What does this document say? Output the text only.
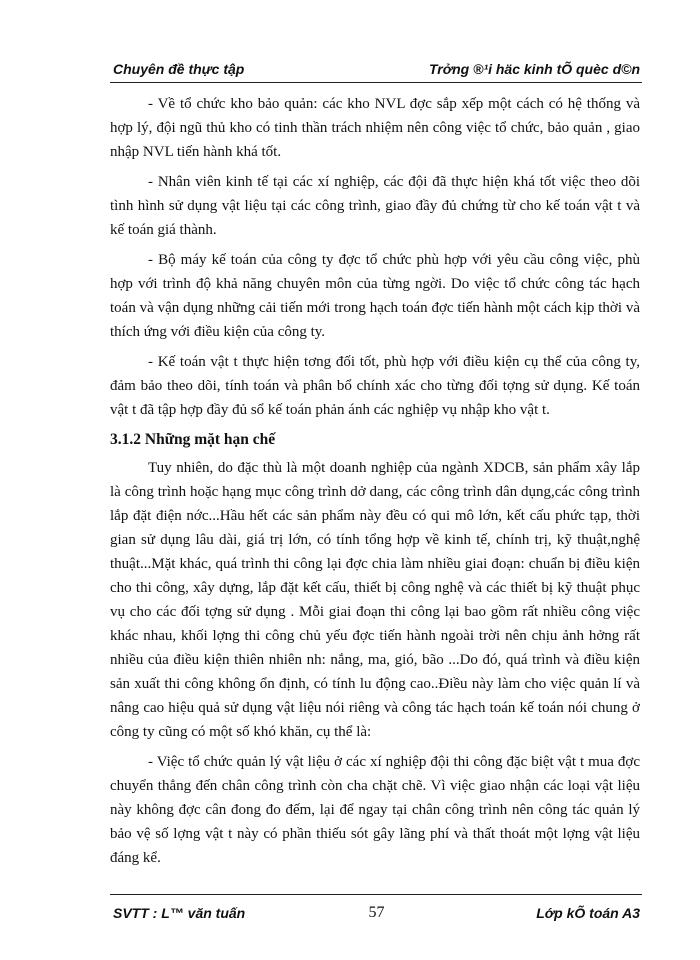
Chuyên đề thực tập	Trởng ®¹i häc kinh tÕ quèc d©n

- Về tổ chức kho bảo quản: các kho NVL đợc sắp xếp một cách có hệ thống và hợp lý, đội ngũ thủ kho có tinh thần trách nhiệm nên công việc tổ chức, bảo quản , giao nhập NVL tiến hành khá tốt.

- Nhân viên kinh tế tại các xí nghiệp, các đội đã thực hiện khá tốt việc theo dõi tình hình sử dụng vật liệu tại các công trình, giao đầy đủ chứng từ cho kế toán vật t và kế toán giá thành.

- Bộ máy kế toán của công ty đợc tổ chức phù hợp với yêu cầu công việc, phù hợp với trình độ khả năng chuyên môn của từng ngời. Do việc tổ chức công tác hạch toán và vận dụng những cải tiến mới trong hạch toán đợc tiến hành một cách kịp thời và thích ứng với điều kiện của công ty.

- Kế toán vật t thực hiện tơng đối tốt, phù hợp với điều kiện cụ thể của công ty, đảm bảo theo dõi, tính toán và phân bổ chính xác cho từng đối tợng sử dụng. Kế toán vật t đã tập hợp đầy đủ sổ kế toán phản ánh các nghiệp vụ nhập kho vật t.

3.1.2 Những mặt hạn chế

Tuy nhiên, do đặc thù là một doanh nghiệp của ngành XDCB, sản phẩm xây lắp là công trình hoặc hạng mục công trình dở dang, các công trình dân dụng,các công trình lắp đặt điện nớc...Hầu hết các sản phẩm này đều có qui mô lớn, kết cấu phức tạp, thời gian sử dụng lâu dài, giá trị lớn, có tính tổng hợp về kinh tế, chính trị, kỹ thuật,nghệ thuật...Mặt khác, quá trình thi công lại đợc chia làm nhiều giai đoạn: chuẩn bị điều kiện cho thi công, xây dựng, lắp đặt kết cấu, thiết bị công nghệ và các thiết bị kỹ thuật phục vụ cho các đối tợng sử dụng . Mỗi giai đoạn thi công lại bao gồm rất nhiều công việc khác nhau, khối lợng thi công chủ yếu đợc tiến hành ngoài trời nên chịu ảnh hởng rất nhiều của điều kiện thiên nhiên nh: nắng, ma, gió, bão ...Do đó, quá trình và điều kiện sản xuất thi công không ổn định, có tính lu động cao..Điều này làm cho việc quản lí và nâng cao hiệu quả sử dụng vật liệu nói riêng và công tác hạch toán kế toán nói chung ở công ty cũng có một số khó khăn, cụ thể là:

- Việc tổ chức quản lý vật liệu ở các xí nghiệp đội thi công đặc biệt vật t mua đợc chuyển thẳng đến chân công trình còn cha chặt chẽ. Vì việc giao nhận các loại vật liệu này không đợc cân đong đo đếm, lại để ngay tại chân công trình nên công tác quản lý bảo vệ số lợng vật t này có phần thiếu sót gây lãng phí và thất thoát một lợng vật liệu đáng kể.

SVTT : L™ văn tuấn	57	Lớp kÕ toán A3
